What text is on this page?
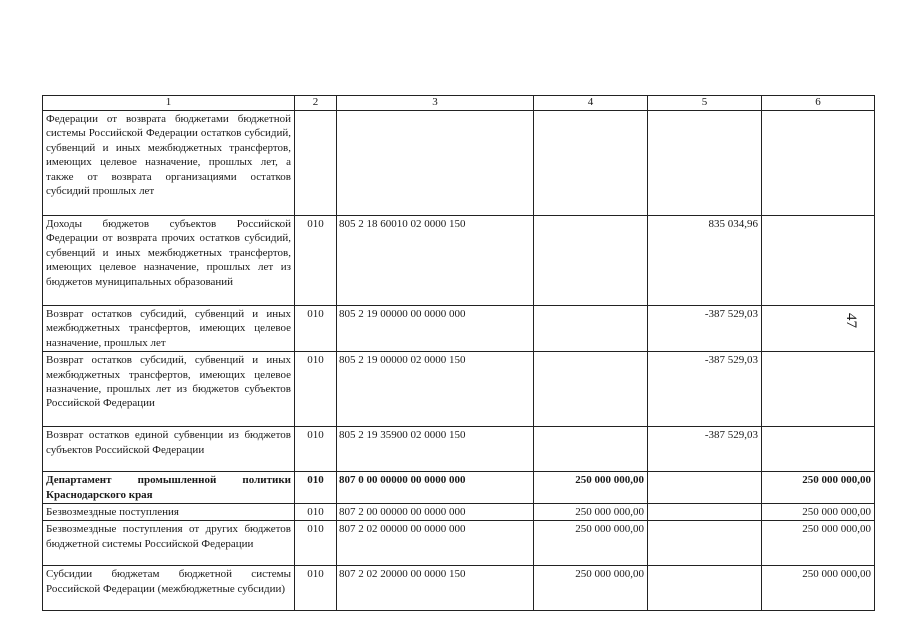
1	2	3	4	5	6
Федерации от возврата бюджетами бюджетной системы Российской Федерации остатков субсидий, субвенций и иных межбюджетных трансфертов, имеющих целевое назначение, прошлых лет, а также от возврата организациями остатков субсидий прошлых лет					
Доходы бюджетов субъектов Российской Федерации от возврата прочих остатков субсидий, субвенций и иных межбюджетных трансфертов, имеющих целевое назначение, прошлых лет из бюджетов муниципальных образований	010	805 2 18 60010 02 0000 150		835 034,96	
Возврат остатков субсидий, субвенций и иных межбюджетных трансфертов, имеющих целевое назначение, прошлых лет	010	805 2 19 00000 00 0000 000		-387 529,03	
Возврат остатков субсидий, субвенций и иных межбюджетных трансфертов, имеющих целевое назначение, прошлых лет из бюджетов субъектов Российской Федерации	010	805 2 19 00000 02 0000 150		-387 529,03	
Возврат остатков единой субвенции из бюджетов субъектов Российской Федерации	010	805 2 19 35900 02 0000 150		-387 529,03	
Департамент промышленной политики Краснодарского края	010	807 0 00 00000 00 0000 000	250 000 000,00		250 000 000,00
Безвозмездные поступления	010	807 2 00 00000 00 0000 000	250 000 000,00		250 000 000,00
Безвозмездные поступления от других бюджетов бюджетной системы Российской Федерации	010	807 2 02 00000 00 0000 000	250 000 000,00		250 000 000,00
Субсидии бюджетам бюджетной системы Российской Федерации (межбюджетные субсидии)	010	807 2 02 20000 00 0000 150	250 000 000,00		250 000 000,00
47
